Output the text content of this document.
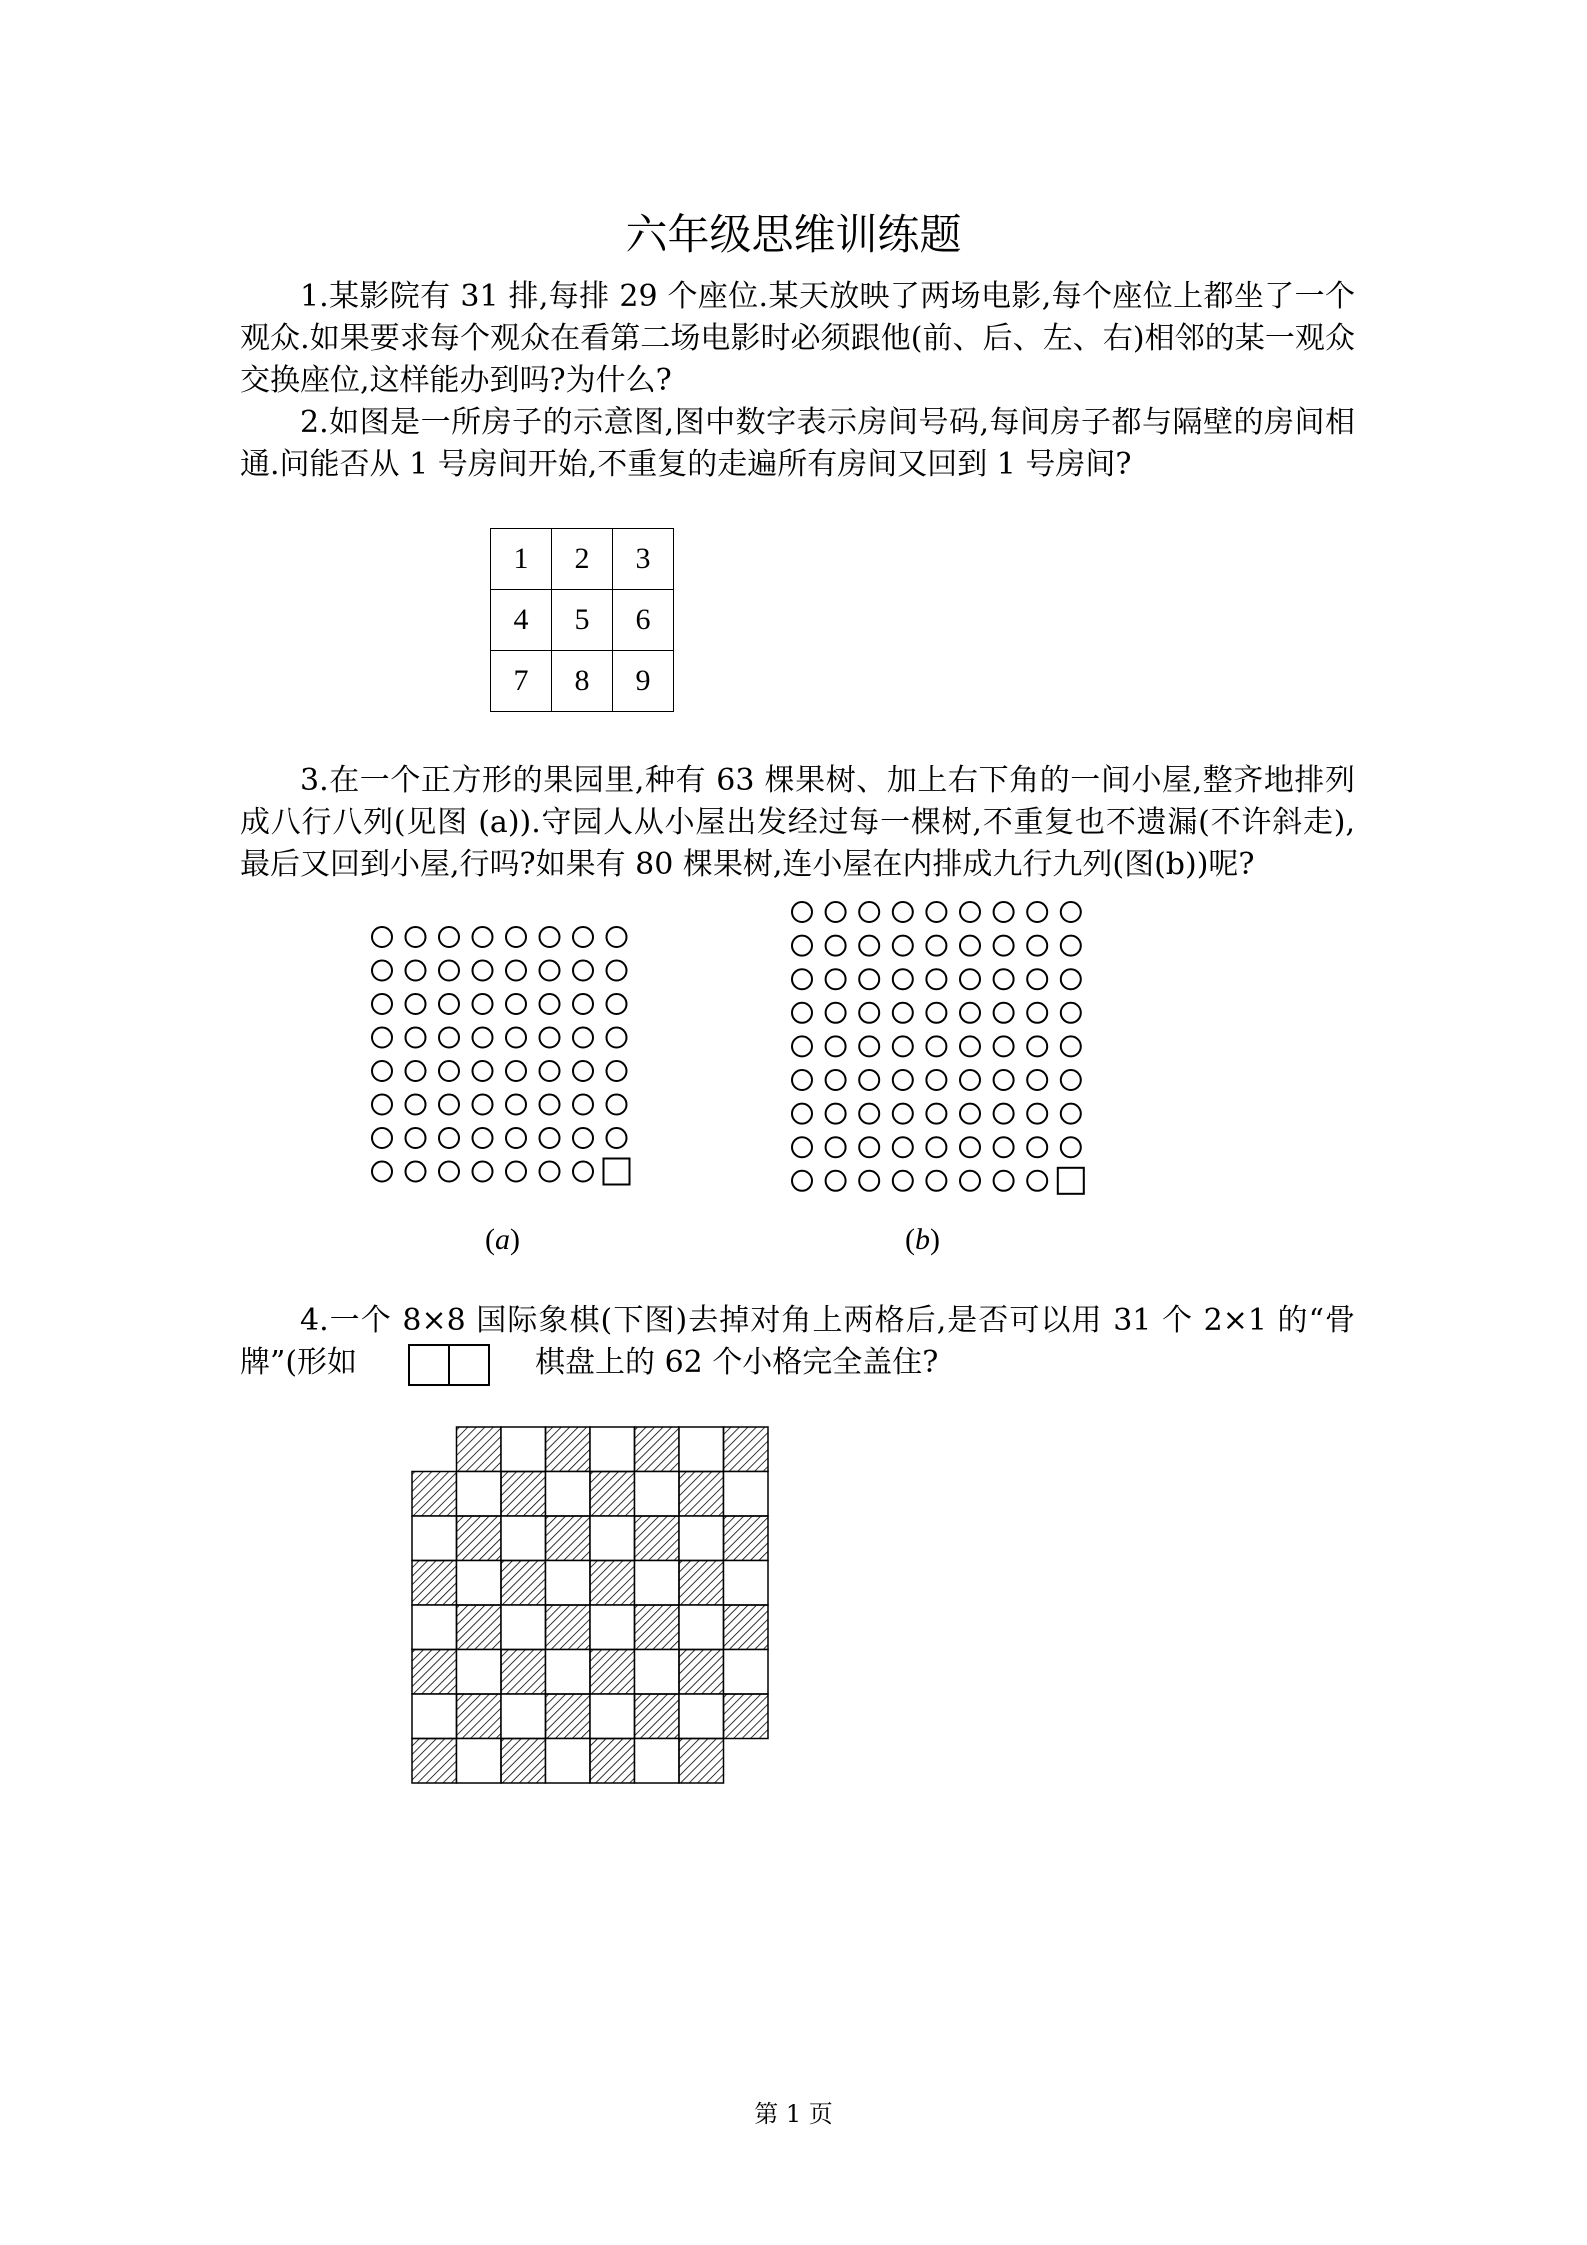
六年级思维训练题

1.某影院有 31 排,每排 29 个座位.某天放映了两场电影,每个座位上都坐了一个观众.如果要求每个观众在看第二场电影时必须跟他(前、后、左、右)相邻的某一观众交换座位,这样能办到吗?为什么?

2.如图是一所房子的示意图,图中数字表示房间号码,每间房子都与隔壁的房间相通.问能否从 1 号房间开始,不重复的走遍所有房间又回到 1 号房间?

1	2	3
4	5	6
7	8	9

3.在一个正方形的果园里,种有 63 棵果树、加上右下角的一间小屋,整齐地排列成八行八列(见图 (a)).守园人从小屋出发经过每一棵树,不重复也不遗漏(不许斜走),最后又回到小屋,行吗?如果有 80 棵果树,连小屋在内排成九行九列(图(b))呢?

(a)	(b)

4.一个 8×8 国际象棋(下图)去掉对角上两格后,是否可以用 31 个 2×1 的“骨牌”(形如	棋盘上的 62 个小格完全盖住?

第 1 页
